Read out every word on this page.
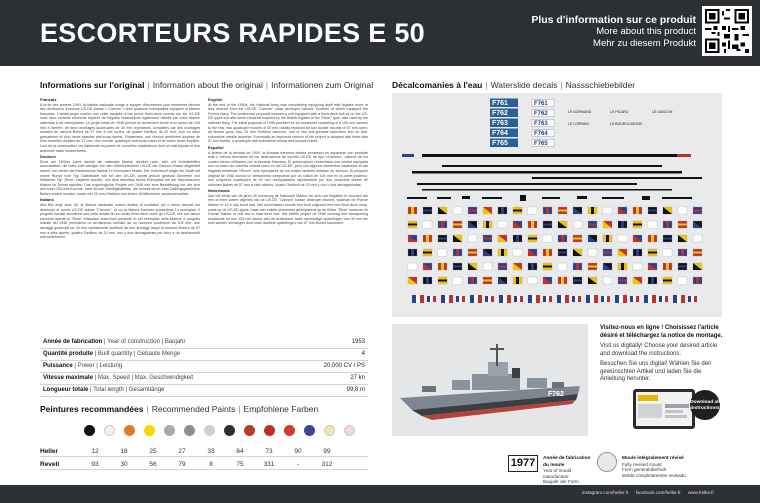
ESCORTEURS RAPIDES E 50	Plus d'information sur ce produit
More about this product
Mehr zu diesem Produkt
Informations sur l'original | Information about the original | Informationen zum Original
Français

A la fin des années 1940, la Marine nationale songe à équiper d'escorteurs plus modernes dérivés des destroyers d'escorte US-DE classe « Cannon » dont quatorze exemplaires équipent la Marine française. L'avant-projet montre une unité équipée d'une proue flush-deck comme sur les US-DE mais avec certains éléments inspirés de frégates britanniques également utilisés par notre Marine nationale à six exemplaires. Le projet initial de 1948 prévoit un armement formé d'un canon de 105 mm à l'arrière, de deux montages quadruples de 40 mm repérables, complétés par des montages doubles de canons Bofors de 57 mm à ciel ouvert, de quatre Oerlikon de 20 mm, d'un ou deux grenadeurs et d'un lance-missiles anti-sous-marins. Finalement, une version améliorée dispose de trois tourelles doubles de 57 mm, d'un mortier quadruple anti-sous-marin et de tubes lance-torpilles. Lors de la construction, les bâtiments reçoivent de nouvelles installations dont un mât tripode et des antennes radar modernisées.

Deutsch

Ende der 1940er Jahre dachte die nationale Marine darüber nach, sich mit Geleitschiffen auszustatten, die mehr oder weniger von den Geleitzerstörern US-DE der Cannon-Klasse abgeleitet waren, von denen die französische Marine 14 Exemplare besaß. Der Vorentwurf zeigte ein Schiff mit einem Rumpf vom Typ Glattdecker wie bei den US-DE, wobei jedoch gewisse Elemente von britischen Typ „River“ inspiriert wurden, von dem ebenfalls sechs Exemplare bei der französischen Marine im Dienst standen. Das ursprüngliche Projekt von 1948 sah eine Bewaffnung vor, die sich aus einer 105-mm-Kanone, zwei 40-mm-Vierlingslafetten, die schnell durch zwei Zwillingsgeschütze Bofors ersetzt wurden, sowie vier 20-mm-Oerlikon und einem Schiffsmörser zusammensetzte.

Italiano

Alla fine degli anni '40, la Marina nazionale voleva dotarsi di scortatori più o meno derivati dai destroyer di scorta US-DE classe "Cannon", di cui la Marina francese possedeva 14 esemplari. Il progetto iniziale includeva una unità dotata di uno scafo flush-deck come gli US-DE, ma con alcuni elementi ispirati al "River" britannico anch'esso presente in sei esemplari nella Marina. Il progetto iniziale del 1948 prevedeva un armamento formato da un cannone posteriore da 105 mm, due armaggi quadrupli da 40 mm rapidamente sostituiti da due armaggi doppi di cannoni Bofors da 57 mm a cielo aperto, quattro Oerlikon da 20 mm, uno o due lanciagranate per siluri e un lanciamissili anti-sottomarini.

English

At the end of the 1940s, the National Navy was considering equipping itself with frigates more or less derived from the US-DE "Cannon" class destroyer escorts, fourteen of which equipped the French Navy. The preliminary proposal showed a unit equipped with a flush-deck hull as on the US-DE types but with some elements inspired by the British frigates of the "River" type, also used by the national Navy. The initial proposal of 1948 provided for an armament consisting of a 105-mm cannon to the rear, two quadruple mounts of 40 mm rapidly replaced by two double mounts of 57 mm open-air Bofors guns, four 20 mm Oerlikon cannons, one or two anti-grenade launchers and an anti-submarine missile launcher. Eventually an improved version of the project is adopted with three twin 57 mm turrets, a quadruple anti-submarine mortar and torpedo tubes.

Español

A finales de la década de 1940, la Armada francesa estaba pensando en equiparse con escoltas más o menos derivados de los destructores de escolta US-DE de tipo «Cannon», catorce de los cuales fueron utilizados por la Armada francesa. El anteproyecto presentaba una unidad equipada con un casco de cubierta corrida como en los US-DE, pero con algunos elementos inspirados en las fragatas británicas «River», seis ejemplares de los cuales también estaban en servicio. El proyecto original de 1948 incluía un armamento compuesto por un cañón de 105 mm en la parte posterior, dos conjuntos cuádruples de 40 mm reemplazados rápidamente por dos conjuntos dobles de cañones Bofors de 57 mm a cielo abierto, cuatro Oerlikon de 20 mm y uno o dos lanzagranadas.

Nederlands

Aan het einde van de jaren 40 overwoog de Nationale Marine om zich van fregatten te voorzien die min of meer waren afgeleid van de US-DE "Cannon" klasse destroyer-escorts, waarvan de Franse Marine er 14 in zijn bezit had. Het voorontwerp toonde een boot uitgerust met een flush-deck romp, zoals op de US-DE-types, maar met enkele elementen geïnspireerd op de Britse "River" waarvan de Franse Marine er ook zes in haar bezit had. Het initiële project uit 1948 voorzag een bewapening bestaande uit een 105 mm kanon aan de achterkant, twee viervoudige opstellingen van 40 mm die snel werden vervangen door twee dubbele opstellingen van 57 mm Bofors kanonnen.

Année de fabrication | Year of construction | Baujahr	1953
Quantité produite | Built quantity | Gebaute Menge	4
Puissance | Power | Leistung	20.000 CV / PS
Vitesse maximale | Max. Speed | Max. Geschwindigkeit	27 kn
Longueur totale | Total length | Gesamtlänge	99,8 m
Peintures recommandées | Recommended Paints | Empfohlene Farben
Heller	12	18	25	27	33	64	73	90	99
Revell	93	30	56	79	8	75	331	-	312
Décalcomanies à l'eau | Waterslide decals | Nassschiebebilder
F761
F762
F763
F764
F765
F761
F762
F763
F764
F765
LE NORMAND	LE PICARD	LE GASCON
LE LORRAIN	LE BOURGUIGNON
F762

Visitez-nous en ligne ! Choisissez l'article désiré et téléchargez la notice de montage.

Visit us digitally! Choose your desired article and download the instructions.

Besuchen Sie uns digital! Wählen Sie den gewünschten Artikel und laden Sie die Anleitung herunter.

Download all
instructions!
1977	Année de fabrication du moule
Year of mould manufacture
Baujahr der Form
Moule intégralement révisé
Fully revised mould
Form generalüberholt
Molde completamente revisado
instagram.com/heller.fr facebook.com/heller.fr www.heller.fr
